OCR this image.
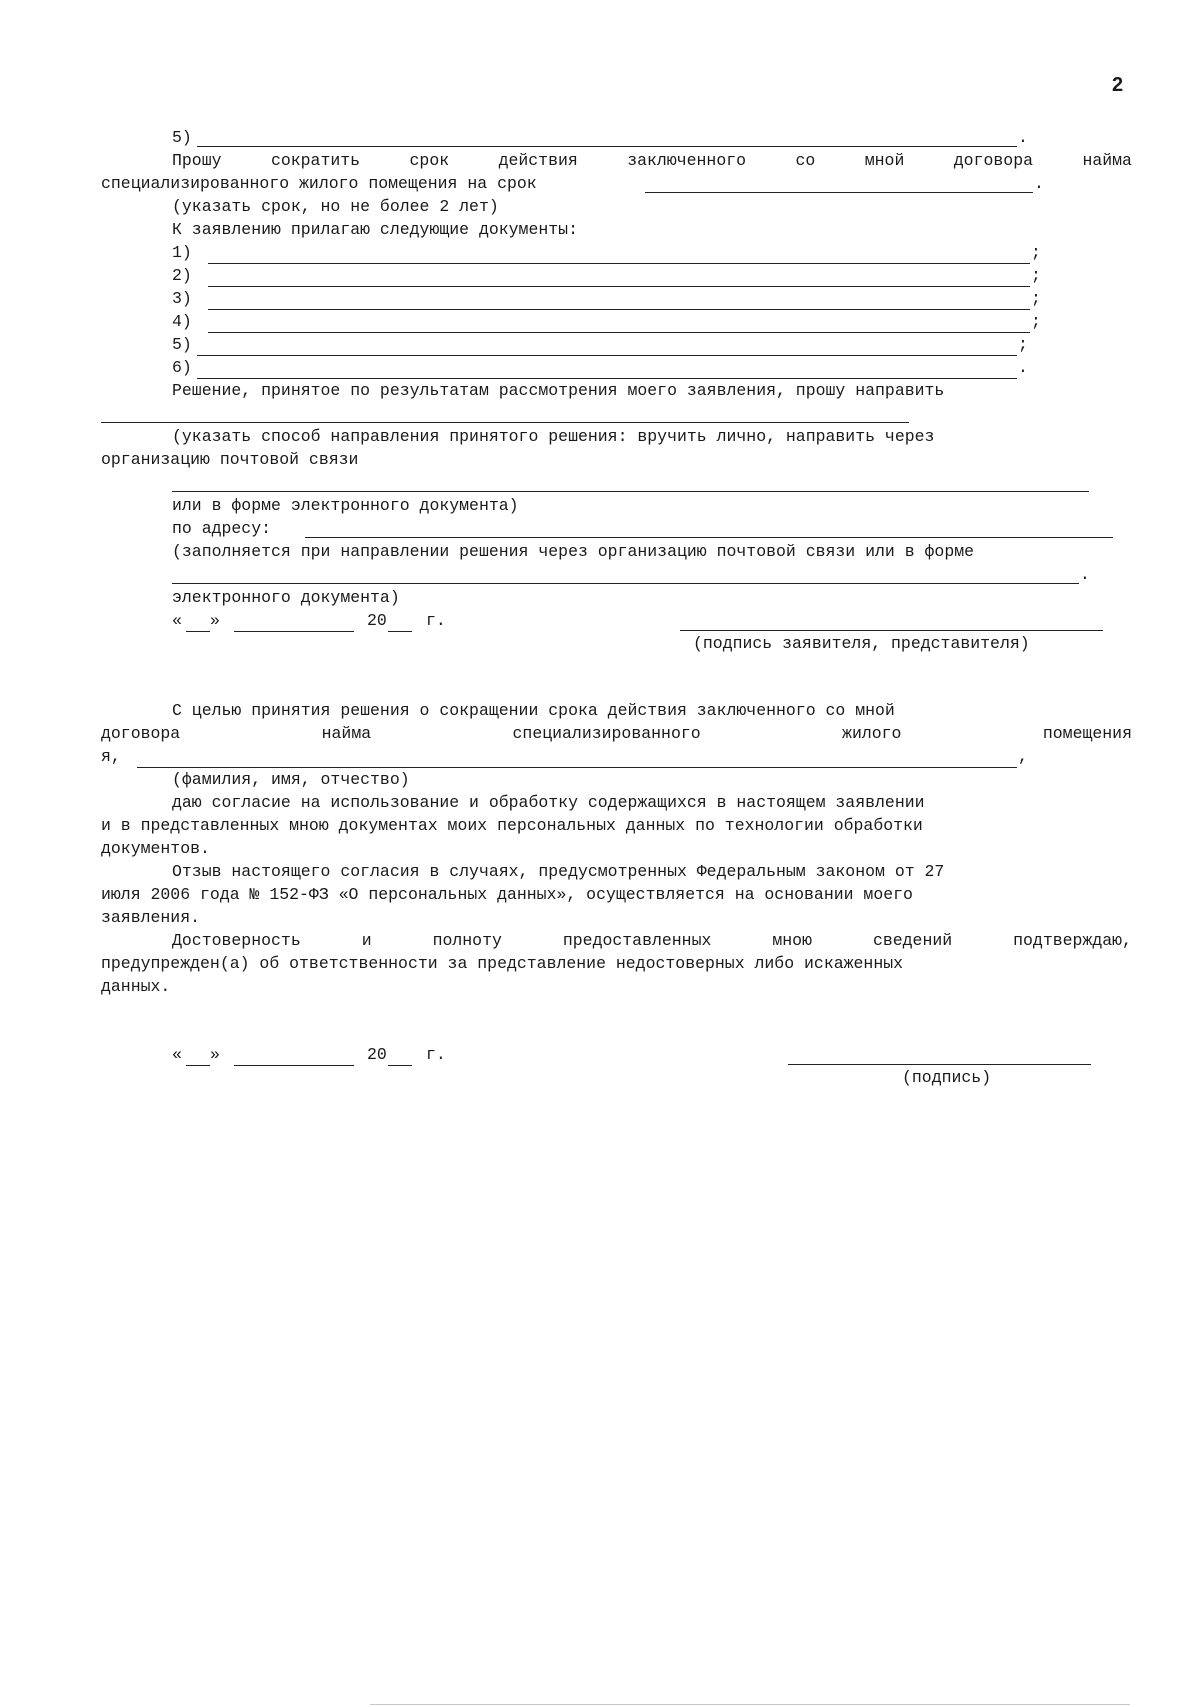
2
5)	.
Прошу	сократить	срок	действия	заключенного	со	мной	договора	найма
специализированного жилого помещения на срок	.
(указать срок, но не более 2 лет)
К заявлению прилагаю следующие документы:
1)	;
2)	;
3)	;
4)	;
5)	;
6)	.
Решение, принятое по результатам рассмотрения моего заявления, прошу направить
(указать способ направления принятого решения: вручить лично, направить через
организацию почтовой связи
или в форме электронного документа)
по адресу:
(заполняется при направлении решения через организацию почтовой связи или в форме
.
электронного документа)
« »	20 г.
(подпись заявителя, представителя)
С целью принятия решения о сокращении срока действия заключенного со мной
договора	найма	специализированного	жилого	помещения
я,	,
(фамилия, имя, отчество)
даю согласие на использование и обработку содержащихся в настоящем заявлении
и в представленных мною документах моих персональных данных по технологии обработки
документов.
Отзыв настоящего согласия в случаях, предусмотренных Федеральным законом от 27
июля 2006 года № 152-ФЗ «О персональных данных», осуществляется на основании моего
заявления.
Достоверность	и	полноту	предоставленных	мною	сведений	подтверждаю,
предупрежден(а) об ответственности за представление недостоверных либо искаженных
данных.
« »	20 г.
(подпись)
